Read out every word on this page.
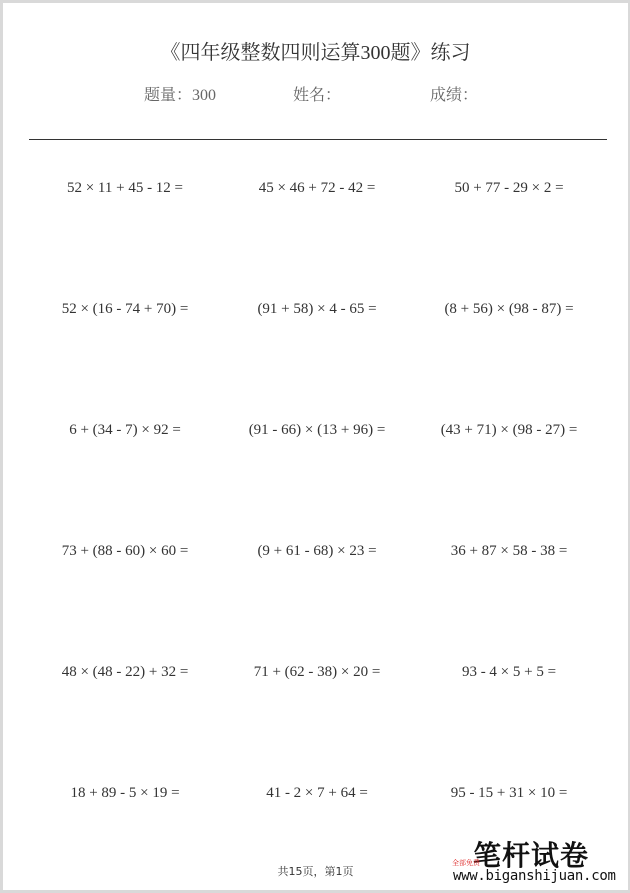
《四年级整数四则运算300题》练习
题量：300	姓名：	成绩：
52 × 11 + 45 - 12 =	45 × 46 + 72 - 42 =	50 + 77 - 29 × 2 =
52 × (16 - 74 + 70) =	(91 + 58) × 4 - 65 =	(8 + 56) × (98 - 87) =
6 + (34 - 7) × 92 =	(91 - 66) × (13 + 96) =	(43 + 71) × (98 - 27) =
73 + (88 - 60) × 60 =	(9 + 61 - 68) × 23 =	36 + 87 × 58 - 38 =
48 × (48 - 22) + 32 =	71 + (62 - 38) × 20 =	93 - 4 × 5 + 5 =
18 + 89 - 5 × 19 =	41 - 2 × 7 + 64 =	95 - 15 + 31 × 10 =
共15页，第1页	笔杆试卷
全部免费
www.biganshijuan.com
